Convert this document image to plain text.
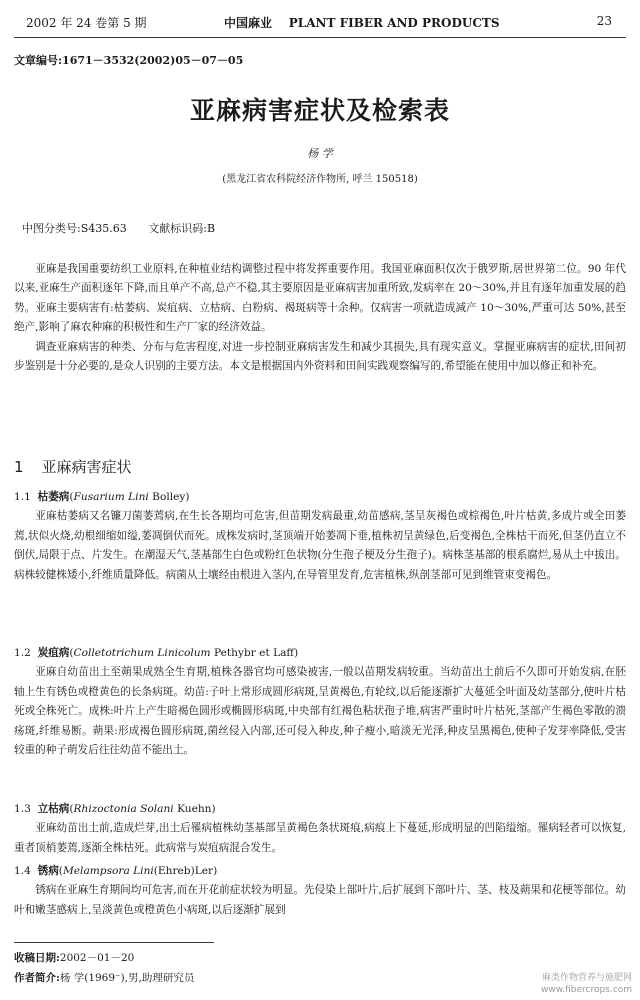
2002 年 24 卷第 5 期	中国麻业 PLANT FIBER AND PRODUCTS	23
文章编号:1671－3532(2002)05－07－05
亚麻病害症状及检索表
杨 学
(黑龙江省农科院经济作物所, 呼兰 150518)
中图分类号:S435.63 文献标识码:B

亚麻是我国重要纺织工业原料,在种植业结构调整过程中将发挥重要作用。我国亚麻面积仅次于俄罗斯,居世界第二位。90 年代以来,亚麻生产面积逐年下降,而且单产不高,总产不稳,其主要原因是亚麻病害加重所致,发病率在 20～30%,并且有逐年加重发展的趋势。亚麻主要病害有:枯萎病、炭疽病、立枯病、白粉病、褐斑病等十余种。仅病害一项就造成减产 10～30%,严重可达 50%,甚至绝产,影响了麻农种麻的积极性和生产厂家的经济效益。

调查亚麻病害的种类、分布与危害程度,对进一步控制亚麻病害发生和减少其损失,具有现实意义。掌握亚麻病害的症状,田间初步鉴别是十分必要的,是众人识别的主要方法。本文是根据国内外资料和田间实践观察编写的,希望能在使用中加以修正和补充。

1 亚麻病害症状

1.1 枯萎病(Fusarium Lini Bolley)

亚麻枯萎病又名镰刀菌萎蔫病,在生长各期均可危害,但苗期发病最重,幼苗感病,茎呈灰褐色或棕褐色,叶片枯黄,多成片或全田萎蔫,状似火烧,幼根细缩如缢,萎凋倒伏而死。成株发病时,茎顶端开始萎凋下垂,植株初呈黄绿色,后变褐色,全株枯干而死,但茎仍直立不倒伏,局限于点、片发生。在潮湿天气,茎基部生白色或粉红色状物(分生孢子梗及分生孢子)。病株茎基部的根系腐烂,易从土中拔出。病株较健株矮小,纤维质量降低。病菌从土壤经由根进入茎内,在导管里发育,危害植株,纵剖茎部可见到维管束变褐色。

1.2 炭疽病(Colletotrichum Linicolum Pethybr et Laff)

亚麻自幼苗出土至蒴果成熟全生育期,植株各器官均可感染被害,一般以苗期发病较重。当幼苗出土前后不久即可开始发病,在胚轴上生有锈色或橙黄色的长条病斑。幼苗:子叶上常形成圆形病斑,呈黄褐色,有轮纹,以后能逐渐扩大蔓延全叶面及幼茎部分,使叶片枯死或全株死亡。成株:叶片上产生暗褐色圆形或椭圆形病斑,中央部有红褐色粘状孢子堆,病害严重时叶片枯死,茎部产生褐色零散的溃疡斑,纤维易断。蒴果:形成褐色圆形病斑,菌丝侵入内部,还可侵入种皮,种子瘦小,暗淡无光泽,种皮呈黑褐色,使种子发芽率降低,受害较重的种子萌发后往往幼苗不能出土。

1.3 立枯病(Rhizoctonia Solani Kuehn)

亚麻幼苗出土前,造成烂芽,出土后罹病植株幼茎基部呈黄褐色条状斑痕,病痕上下蔓延,形成明显的凹陷缢缩。罹病轻者可以恢复,重者顶梢萎蔫,逐渐全株枯死。此病常与炭疽病混合发生。

1.4 锈病(Melampsora Lini(Ehreb)Ler)

锈病在亚麻生育期间均可危害,而在开花前症状较为明显。先侵染上部叶片,后扩展到下部叶片、茎、枝及蒴果和花梗等部位。幼叶和嫩茎感病上,呈淡黄色或橙黄色小病斑,以后逐渐扩展到

收稿日期:2002－01－20
作者简介:杨 学(1969⁻),男,助理研究员	麻类作物营养与施肥网
www.fibercrops.com
